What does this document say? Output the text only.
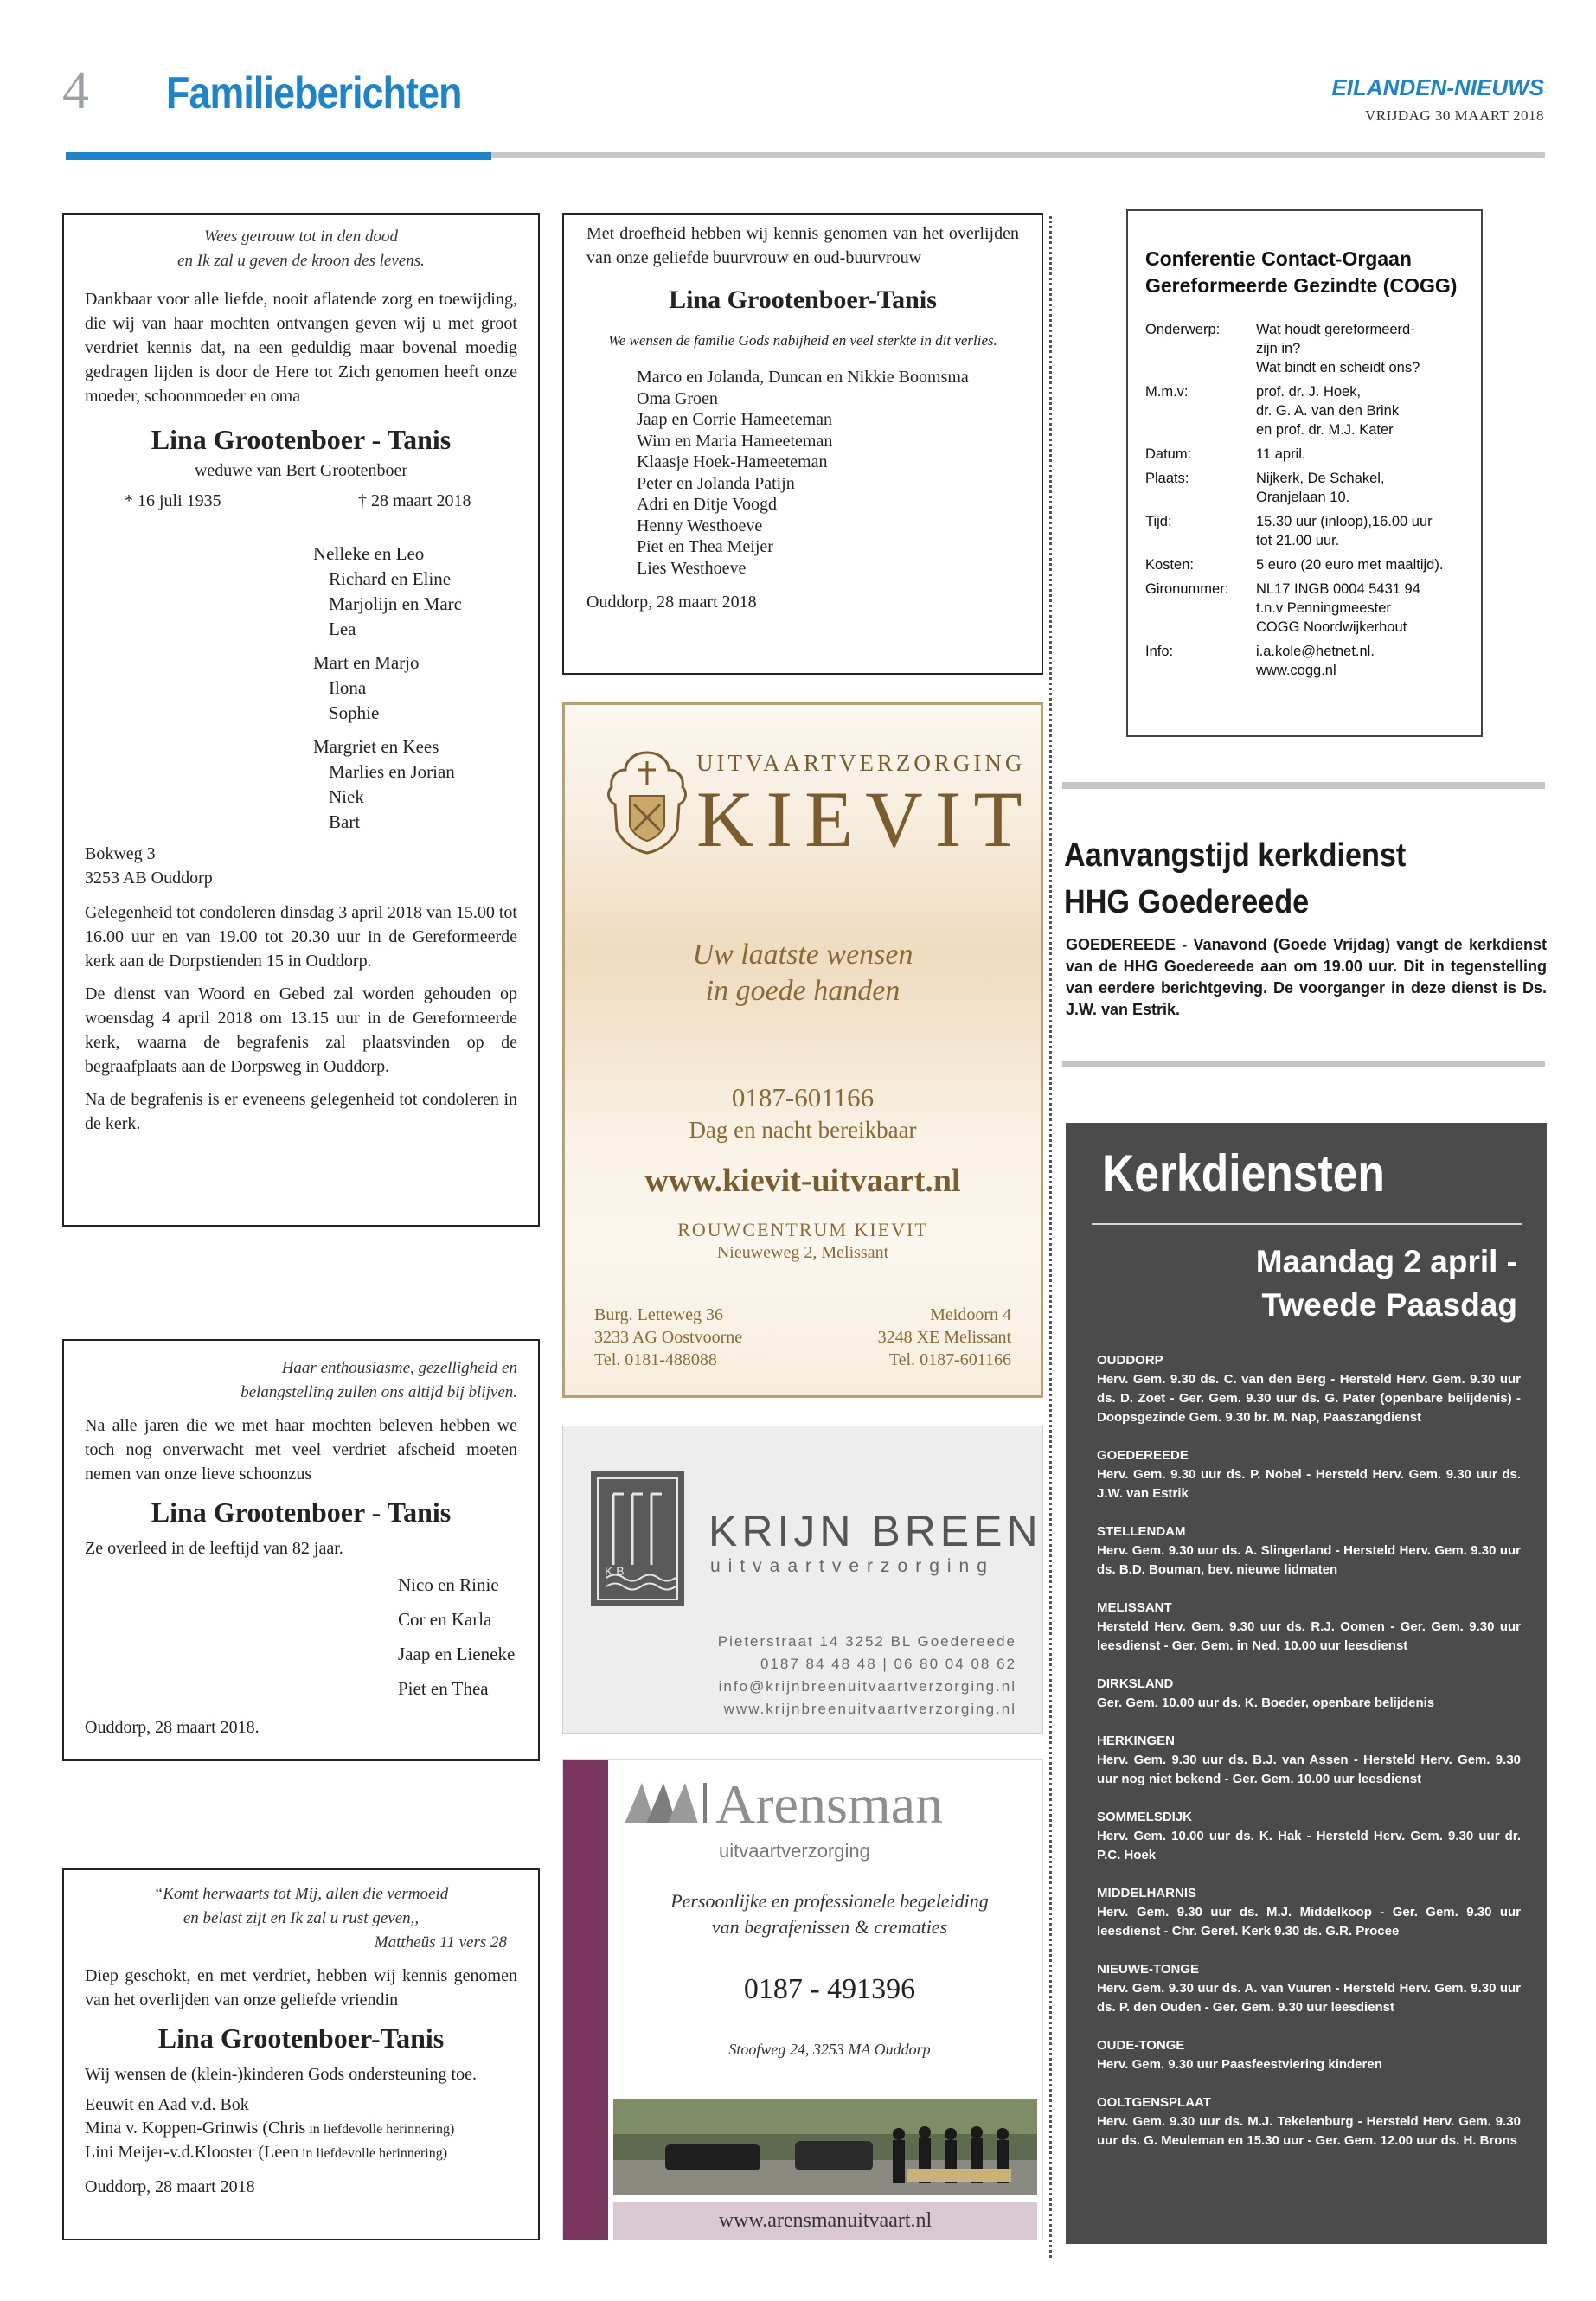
4 Familieberichten	EILANDEN-NIEUWS
VRIJDAG 30 MAART 2018
Wees getrouw tot in den dood
en Ik zal u geven de kroon des levens.

Dankbaar voor alle liefde, nooit aflatende zorg en toewijding, die wij van haar mochten ontvangen geven wij u met groot verdriet kennis dat, na een geduldig maar bovenal moedig gedragen lijden is door de Here tot Zich genomen heeft onze moeder, schoonmoeder en oma

Lina Grootenboer - Tanis
weduwe van Bert Grootenboer
* 16 juli 1935	† 28 maart 2018
Nelleke en Leo
Richard en Eline
Marjolijn en Marc
Lea
Mart en Marjo
Ilona
Sophie
Margriet en Kees
Marlies en Jorian
Niek
Bart
Bokweg 3
3253 AB Ouddorp

Gelegenheid tot condoleren dinsdag 3 april 2018 van 15.00 tot 16.00 uur en van 19.00 tot 20.30 uur in de Gereformeerde kerk aan de Dorpstienden 15 in Ouddorp.

De dienst van Woord en Gebed zal worden gehouden op woensdag 4 april 2018 om 13.15 uur in de Gereformeerde kerk, waarna de begrafenis zal plaatsvinden op de begraafplaats aan de Dorpsweg in Ouddorp.

Na de begrafenis is er eveneens gelegenheid tot condoleren in de kerk.

Haar enthousiasme, gezelligheid en
belangstelling zullen ons altijd bij blijven.

Na alle jaren die we met haar mochten beleven hebben we toch nog onverwacht met veel verdriet afscheid moeten nemen van onze lieve schoonzus

Lina Grootenboer - Tanis
Ze overleed in de leeftijd van 82 jaar.
Nico en Rinie
Cor en Karla
Jaap en Lieneke
Piet en Thea
Ouddorp, 28 maart 2018.
“Komt herwaarts tot Mij, allen die vermoeid
en belast zijt en Ik zal u rust geven,,
Mattheüs 11 vers 28

Diep geschokt, en met verdriet, hebben wij kennis genomen van het overlijden van onze geliefde vriendin

Lina Grootenboer-Tanis
Wij wensen de (klein-)kinderen Gods ondersteuning toe.
Eeuwit en Aad v.d. Bok
Mina v. Koppen-Grinwis (Chris in liefdevolle herinnering)
Lini Meijer-v.d.Klooster (Leen in liefdevolle herinnering)
Ouddorp, 28 maart 2018

Met droefheid hebben wij kennis genomen van het overlijden van onze geliefde buurvrouw en oud-buurvrouw

Lina Grootenboer-Tanis
We wensen de familie Gods nabijheid en veel sterkte in dit verlies.
Marco en Jolanda, Duncan en Nikkie Boomsma
Oma Groen
Jaap en Corrie Hameeteman
Wim en Maria Hameeteman
Klaasje Hoek-Hameeteman
Peter en Jolanda Patijn
Adri en Ditje Voogd
Henny Westhoeve
Piet en Thea Meijer
Lies Westhoeve
Ouddorp, 28 maart 2018
UITVAARTVERZORGING
KIEVIT
Uw laatste wensen
in goede handen
0187-601166
Dag en nacht bereikbaar
www.kievit-uitvaart.nl
ROUWCENTRUM KIEVIT
Nieuweweg 2, Melissant
Burg. Letteweg 36
3233 AG Oostvoorne
Tel. 0181-488088
Meidoorn 4
3248 XE Melissant
Tel. 0187-601166
K B
KRIJN BREEN
uitvaartverzorging
Pieterstraat 14 3252 BL Goedereede
0187 84 48 48 | 06 80 04 08 62
info@krijnbreenuitvaartverzorging.nl
www.krijnbreenuitvaartverzorging.nl
Arensman
uitvaartverzorging
Persoonlijke en professionele begeleiding
van begrafenissen & crematies
0187 - 491396
Stoofweg 24, 3253 MA Ouddorp
www.arensmanuitvaart.nl
Conferentie Contact-Orgaan Gereformeerde Gezindte (COGG)
Onderwerp:	Wat houdt gereformeerd-
zijn in?
Wat bindt en scheidt ons?
M.m.v:	prof. dr. J. Hoek,
dr. G. A. van den Brink
en prof. dr. M.J. Kater
Datum:	11 april.
Plaats:	Nijkerk, De Schakel,
Oranjelaan 10.
Tijd:	15.30 uur (inloop),16.00 uur
tot 21.00 uur.
Kosten:	5 euro (20 euro met maaltijd).
Gironummer:	NL17 INGB 0004 5431 94
t.n.v Penningmeester
COGG Noordwijkerhout
Info:	i.a.kole@hetnet.nl.
www.cogg.nl
Aanvangstijd kerkdienst
HHG Goedereede

GOEDEREEDE - Vanavond (Goede Vrijdag) vangt de kerkdienst van de HHG Goedereede aan om 19.00 uur. Dit in tegenstelling van eerdere berichtgeving. De voorganger in deze dienst is Ds. J.W. van Estrik.

Kerkdiensten
Maandag 2 april -
Tweede Paasdag
OUDDORP
Herv. Gem. 9.30 ds. C. van den Berg - Hersteld Herv. Gem. 9.30 uur ds. D. Zoet - Ger. Gem. 9.30 uur ds. G. Pater (openbare belijdenis) - Doopsgezinde Gem. 9.30 br. M. Nap, Paaszangdienst
GOEDEREEDE
Herv. Gem. 9.30 uur ds. P. Nobel - Hersteld Herv. Gem. 9.30 uur ds. J.W. van Estrik
STELLENDAM
Herv. Gem. 9.30 uur ds. A. Slingerland - Hersteld Herv. Gem. 9.30 uur ds. B.D. Bouman, bev. nieuwe lidmaten
MELISSANT
Hersteld Herv. Gem. 9.30 uur ds. R.J. Oomen - Ger. Gem. 9.30 uur leesdienst - Ger. Gem. in Ned. 10.00 uur leesdienst
DIRKSLAND
Ger. Gem. 10.00 uur ds. K. Boeder, openbare belijdenis
HERKINGEN
Herv. Gem. 9.30 uur ds. B.J. van Assen - Hersteld Herv. Gem. 9.30 uur nog niet bekend - Ger. Gem. 10.00 uur leesdienst
SOMMELSDIJK
Herv. Gem. 10.00 uur ds. K. Hak - Hersteld Herv. Gem. 9.30 uur dr. P.C. Hoek
MIDDELHARNIS
Herv. Gem. 9.30 uur ds. M.J. Middelkoop - Ger. Gem. 9.30 uur leesdienst - Chr. Geref. Kerk 9.30 ds. G.R. Procee
NIEUWE-TONGE
Herv. Gem. 9.30 uur ds. A. van Vuuren - Hersteld Herv. Gem. 9.30 uur ds. P. den Ouden - Ger. Gem. 9.30 uur leesdienst
OUDE-TONGE
Herv. Gem. 9.30 uur Paasfeestviering kinderen
OOLTGENSPLAAT
Herv. Gem. 9.30 uur ds. M.J. Tekelenburg - Hersteld Herv. Gem. 9.30 uur ds. G. Meuleman en 15.30 uur - Ger. Gem. 12.00 uur ds. H. Brons
